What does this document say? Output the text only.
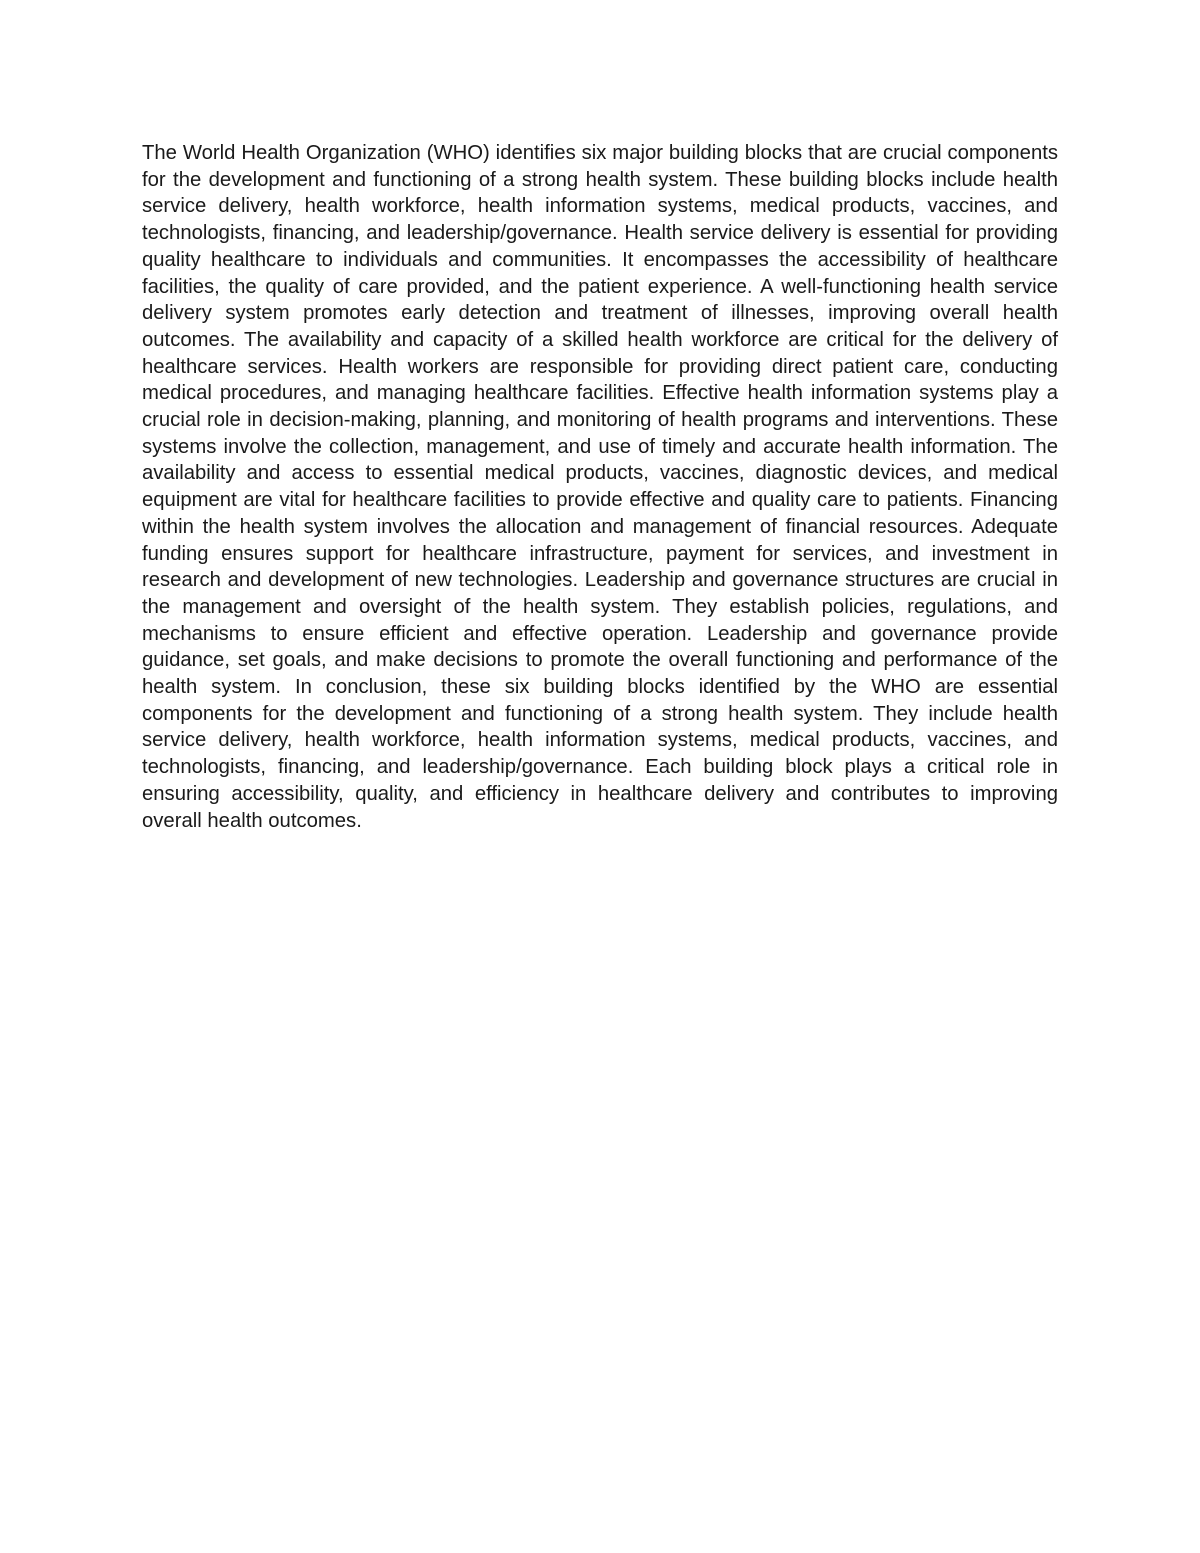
The World Health Organization (WHO) identifies six major building blocks that are crucial components for the development and functioning of a strong health system. These building blocks include health service delivery, health workforce, health information systems, medical products, vaccines, and technologists, financing, and leadership/governance. Health service delivery is essential for providing quality healthcare to individuals and communities. It encompasses the accessibility of healthcare facilities, the quality of care provided, and the patient experience. A well-functioning health service delivery system promotes early detection and treatment of illnesses, improving overall health outcomes. The availability and capacity of a skilled health workforce are critical for the delivery of healthcare services. Health workers are responsible for providing direct patient care, conducting medical procedures, and managing healthcare facilities. Effective health information systems play a crucial role in decision-making, planning, and monitoring of health programs and interventions. These systems involve the collection, management, and use of timely and accurate health information. The availability and access to essential medical products, vaccines, diagnostic devices, and medical equipment are vital for healthcare facilities to provide effective and quality care to patients. Financing within the health system involves the allocation and management of financial resources. Adequate funding ensures support for healthcare infrastructure, payment for services, and investment in research and development of new technologies. Leadership and governance structures are crucial in the management and oversight of the health system. They establish policies, regulations, and mechanisms to ensure efficient and effective operation. Leadership and governance provide guidance, set goals, and make decisions to promote the overall functioning and performance of the health system. In conclusion, these six building blocks identified by the WHO are essential components for the development and functioning of a strong health system. They include health service delivery, health workforce, health information systems, medical products, vaccines, and technologists, financing, and leadership/governance. Each building block plays a critical role in ensuring accessibility, quality, and efficiency in healthcare delivery and contributes to improving overall health outcomes.
